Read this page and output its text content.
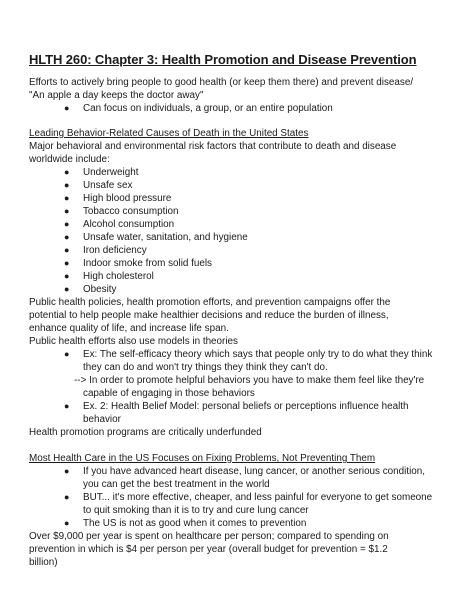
HLTH 260: Chapter 3: Health Promotion and Disease Prevention
Efforts to actively bring people to good health (or keep them there) and prevent disease/
"An apple a day keeps the doctor away"
● Can focus on individuals, a group, or an entire population
Leading Behavior-Related Causes of Death in the United States
Major behavioral and environmental risk factors that contribute to death and disease
worldwide include:
● Underweight
● Unsafe sex
● High blood pressure
● Tobacco consumption
● Alcohol consumption
● Unsafe water, sanitation, and hygiene
● Iron deficiency
● Indoor smoke from solid fuels
● High cholesterol
● Obesity
Public health policies, health promotion efforts, and prevention campaigns offer the
potential to help people make healthier decisions and reduce the burden of illness,
enhance quality of life, and increase life span.
Public health efforts also use models in theories
● Ex: The self-efficacy theory which says that people only try to do what they think
they can do and won't try things they think they can't do.
--> In order to promote helpful behaviors you have to make them feel like they're
capable of engaging in those behaviors
● Ex. 2: Health Belief Model: personal beliefs or perceptions influence health
behavior
Health promotion programs are critically underfunded
Most Health Care in the US Focuses on Fixing Problems, Not Preventing Them
● If you have advanced heart disease, lung cancer, or another serious condition,
you can get the best treatment in the world
● BUT... it's more effective, cheaper, and less painful for everyone to get someone
to quit smoking than it is to try and cure lung cancer
● The US is not as good when it comes to prevention
Over $9,000 per year is spent on healthcare per person; compared to spending on
prevention in which is $4 per person per year (overall budget for prevention = $1.2
billion)
